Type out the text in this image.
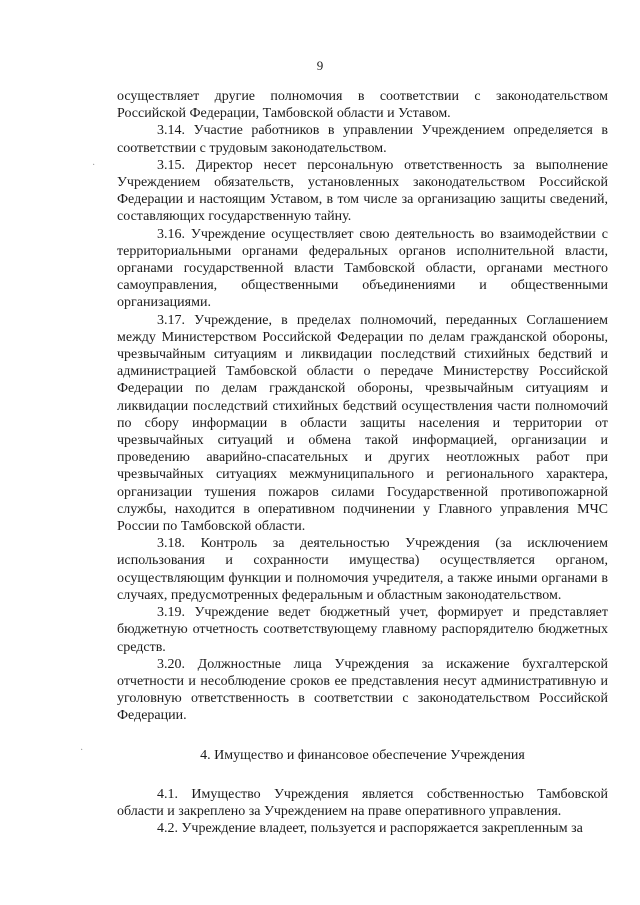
9
·
·

осуществляет другие полномочия в соответствии с законодательством Российской Федерации, Тамбовской области и Уставом.

3.14. Участие работников в управлении Учреждением определяется в соответствии с трудовым законодательством.

3.15. Директор несет персональную ответственность за выполнение Учреждением обязательств, установленных законодательством Российской Федерации и настоящим Уставом, в том числе за организацию защиты сведений, составляющих государственную тайну.

3.16. Учреждение осуществляет свою деятельность во взаимодействии с территориальными органами федеральных органов исполнительной власти, органами государственной власти Тамбовской области, органами местного самоуправления, общественными объединениями и общественными организациями.

3.17. Учреждение, в пределах полномочий, переданных Соглашением между Министерством Российской Федерации по делам гражданской обороны, чрезвычайным ситуациям и ликвидации последствий стихийных бедствий и администрацией Тамбовской области о передаче Министерству Российской Федерации по делам гражданской обороны, чрезвычайным ситуациям и ликвидации последствий стихийных бедствий осуществления части полномочий по сбору информации в области защиты населения и территории от чрезвычайных ситуаций и обмена такой информацией, организации и проведению аварийно-спасательных и других неотложных работ при чрезвычайных ситуациях межмуниципального и регионального характера, организации тушения пожаров силами Государственной противопожарной службы, находится в оперативном подчинении у Главного управления МЧС России по Тамбовской области.

3.18. Контроль за деятельностью Учреждения (за исключением использования и сохранности имущества) осуществляется органом, осуществляющим функции и полномочия учредителя, а также иными органами в случаях, предусмотренных федеральным и областным законодательством.

3.19. Учреждение ведет бюджетный учет, формирует и представляет бюджетную отчетность соответствующему главному распорядителю бюджетных средств.

3.20. Должностные лица Учреждения за искажение бухгалтерской отчетности и несоблюдение сроков ее представления несут административную и уголовную ответственность в соответствии с законодательством Российской Федерации.

4. Имущество и финансовое обеспечение Учреждения

4.1. Имущество Учреждения является собственностью Тамбовской области и закреплено за Учреждением на праве оперативного управления.

4.2. Учреждение владеет, пользуется и распоряжается закрепленным за
